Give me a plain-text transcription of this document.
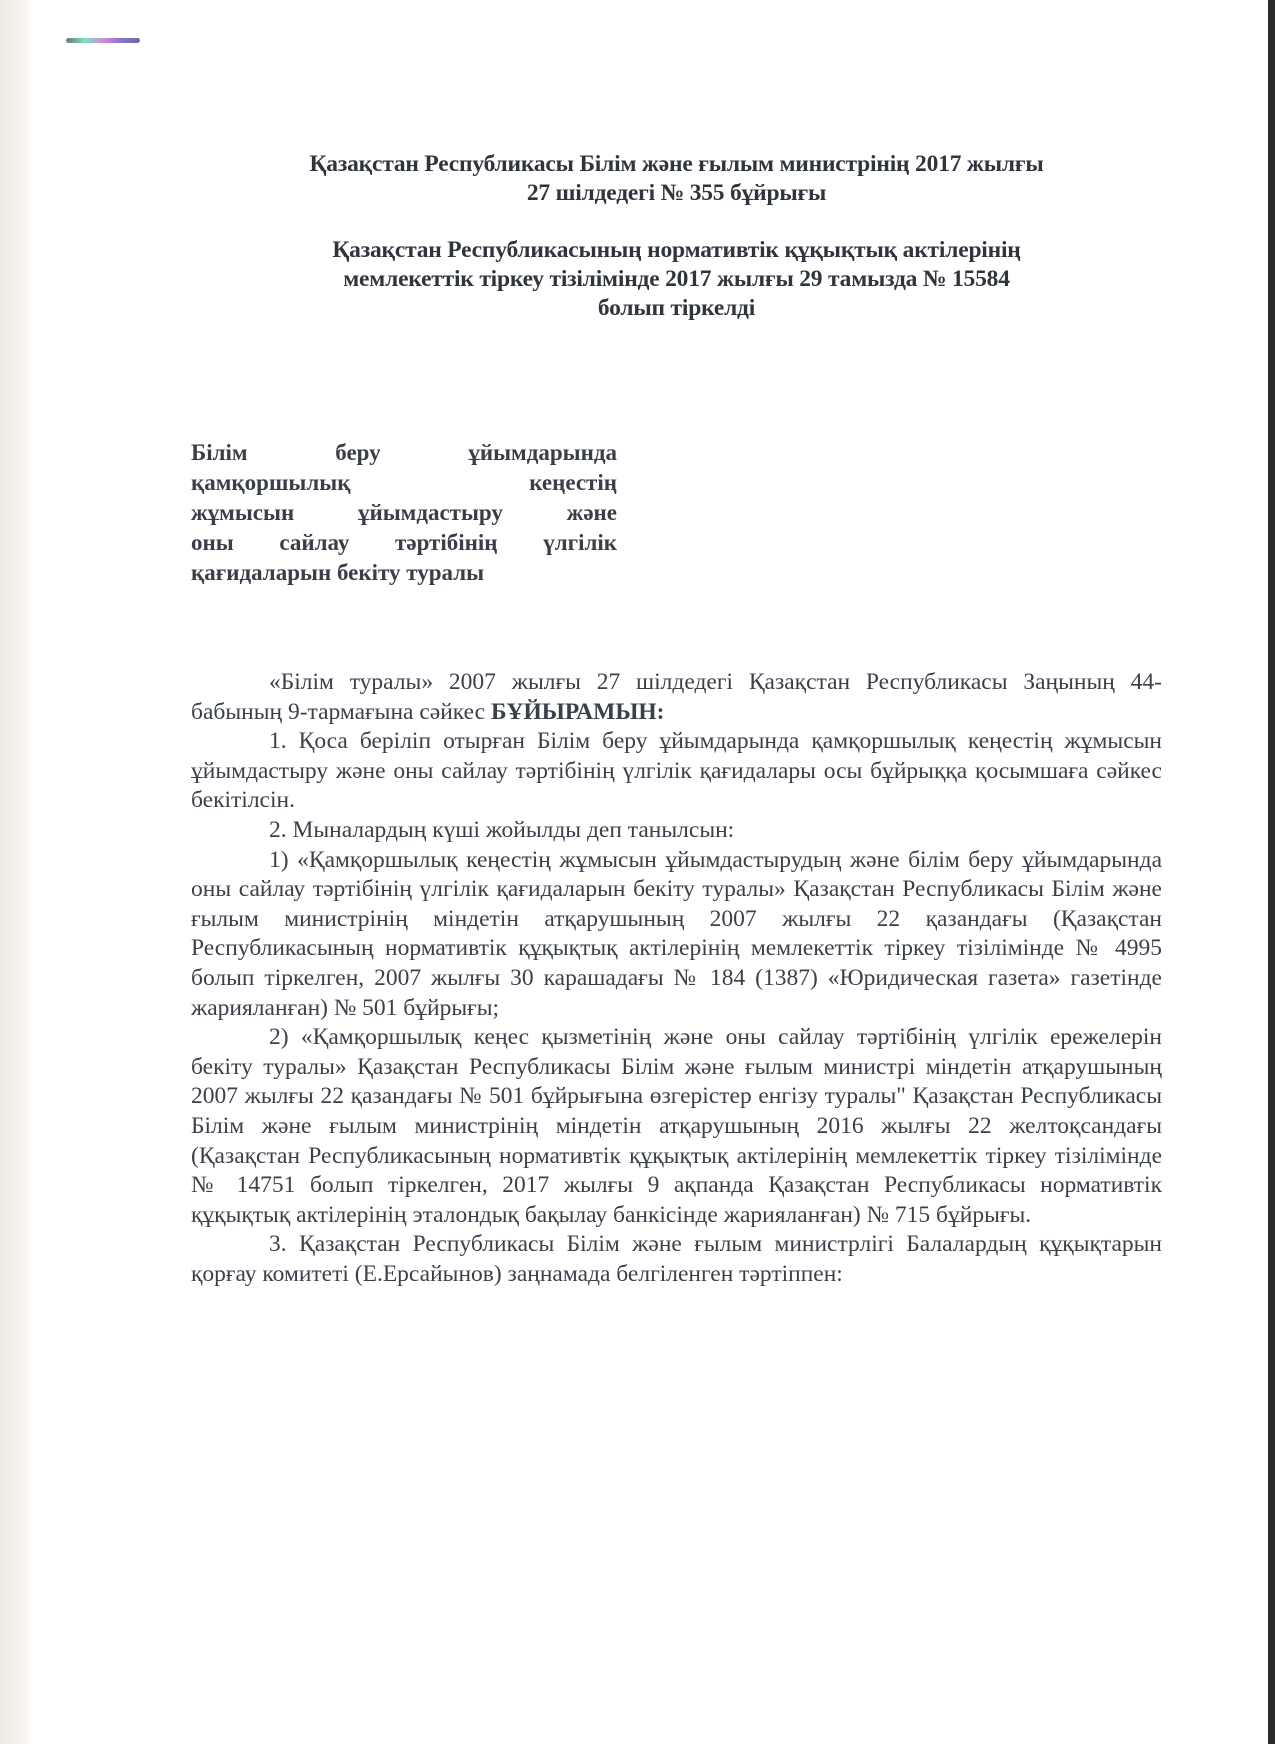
Қазақстан Республикасы Білім және ғылым министрінің 2017 жылғы

27 шілдедегі № 355 бұйрығы

Қазақстан Республикасының нормативтік құқықтық актілерінің

мемлекеттік тіркеу тізілімінде 2017 жылғы 29 тамызда № 15584

болып тіркелді

Білім беру ұйымдарында
қамқоршылық кеңестің
жұмысын ұйымдастыру және
оны сайлау тәртібінің үлгілік
қағидаларын бекіту туралы

«Білім туралы» 2007 жылғы 27 шілдедегі Қазақстан Республикасы Заңының 44-бабының 9-тармағына сәйкес БҰЙЫРАМЫН:

1. Қоса беріліп отырған Білім беру ұйымдарында қамқоршылық кеңестің жұмысын ұйымдастыру және оны сайлау тәртібінің үлгілік қағидалары осы бұйрыққа қосымшаға сәйкес бекітілсін.

2. Мыналардың күші жойылды деп танылсын:

1) «Қамқоршылық кеңестің жұмысын ұйымдастырудың және білім беру ұйымдарында оны сайлау тәртібінің үлгілік қағидаларын бекіту туралы» Қазақстан Республикасы Білім және ғылым министрінің міндетін атқарушының 2007 жылғы 22 қазандағы (Қазақстан Республикасының нормативтік құқықтық актілерінің мемлекеттік тіркеу тізілімінде № 4995 болып тіркелген, 2007 жылғы 30 карашадағы № 184 (1387) «Юридическая газета» газетінде жарияланған) № 501 бұйрығы;

2) «Қамқоршылық кеңес қызметінің және оны сайлау тәртібінің үлгілік ережелерін бекіту туралы» Қазақстан Республикасы Білім және ғылым министрі міндетін атқарушының 2007 жылғы 22 қазандағы № 501 бұйрығына өзгерістер енгізу туралы" Қазақстан Республикасы Білім және ғылым министрінің міндетін атқарушының 2016 жылғы 22 желтоқсандағы (Қазақстан Республикасының нормативтік құқықтық актілерінің мемлекеттік тіркеу тізілімінде № 14751 болып тіркелген, 2017 жылғы 9 ақпанда Қазақстан Республикасы нормативтік құқықтық актілерінің эталондық бақылау банкісінде жарияланған) № 715 бұйрығы.

3. Қазақстан Республикасы Білім және ғылым министрлігі Балалардың құқықтарын қорғау комитеті (Е.Ерсайынов) заңнамада белгіленген тәртіппен:
